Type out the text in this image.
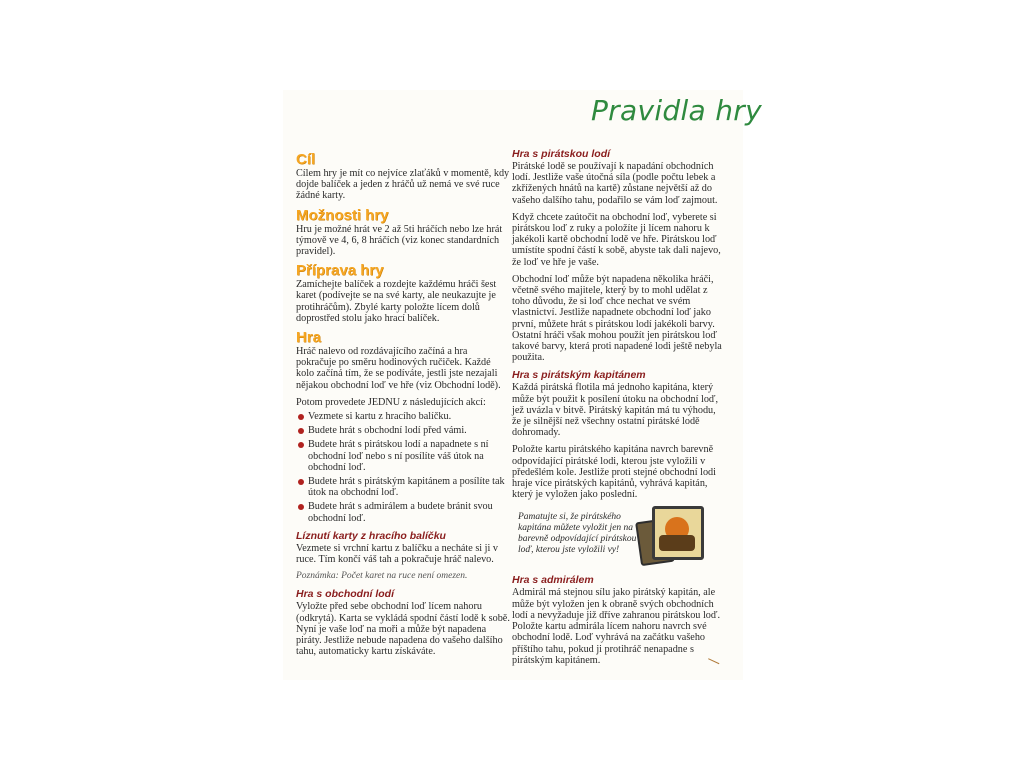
Pravidla hry
Cíl

Cílem hry je mít co nejvíce zlaťáků v momentě, kdy dojde balíček a jeden z hráčů už nemá ve své ruce žádné karty.

Možnosti hry

Hru je možné hrát ve 2 až 5ti hráčích nebo lze hrát týmově ve 4, 6, 8 hráčích (viz konec standardních pravidel).

Příprava hry

Zamíchejte balíček a rozdejte každému hráči šest karet (podívejte se na své karty, ale neukazujte je protihráčům). Zbylé karty položte lícem dolů doprostřed stolu jako hrací balíček.

Hra

Hráč nalevo od rozdávajícího začíná a hra pokračuje po směru hodinových ručiček. Každé kolo začíná tím, že se podíváte, jestli jste nezajali nějakou obchodní loď ve hře (viz Obchodní lodě).

Potom provedete JEDNU z následujících akcí:

Vezmete si kartu z hracího balíčku.
Budete hrát s obchodní lodí před vámi.
Budete hrát s pirátskou lodí a napadnete s ní obchodní loď nebo s ní posílíte váš útok na obchodní loď.
Budete hrát s pirátským kapitánem a posílíte tak útok na obchodní loď.
Budete hrát s admirálem a budete bránit svou obchodní loď.
Líznutí karty z hracího balíčku

Vezmete si vrchní kartu z balíčku a necháte si ji v ruce. Tím končí váš tah a pokračuje hráč nalevo.

Poznámka: Počet karet na ruce není omezen.

Hra s obchodní lodí

Vyložte před sebe obchodní loď lícem nahoru (odkrytá). Karta se vykládá spodní částí lodě k sobě. Nyní je vaše loď na moři a může být napadena piráty. Jestliže nebude napadena do vašeho dalšího tahu, automaticky kartu získáváte.

Hra s pirátskou lodí

Pirátské lodě se používají k napadání obchodních lodí. Jestliže vaše útočná síla (podle počtu lebek a zkřížených hnátů na kartě) zůstane největší až do vašeho dalšího tahu, podařilo se vám loď zajmout.

Když chcete zaútočit na obchodní loď, vyberete si pirátskou loď z ruky a položíte ji lícem nahoru k jakékoli kartě obchodní lodě ve hře. Pirátskou loď umístíte spodní částí k sobě, abyste tak dali najevo, že loď ve hře je vaše.

Obchodní loď může být napadena několika hráči, včetně svého majitele, který by to mohl udělat z toho důvodu, že si loď chce nechat ve svém vlastnictví. Jestliže napadnete obchodní loď jako první, můžete hrát s pirátskou lodí jakékoli barvy. Ostatní hráči však mohou použít jen pirátskou loď takové barvy, která proti napadené lodi ještě nebyla použita.

Hra s pirátským kapitánem

Každá pirátská flotila má jednoho kapitána, který může být použit k posílení útoku na obchodní loď, jež uvázla v bitvě. Pirátský kapitán má tu výhodu, že je silnější než všechny ostatní pirátské lodě dohromady.

Položte kartu pirátského kapitána navrch barevně odpovídající pirátské lodi, kterou jste vyložili v předešlém kole. Jestliže proti stejné obchodní lodi hraje více pirátských kapitánů, vyhrává kapitán, který je vyložen jako poslední.

Pamatujte si, že pirátského kapitána můžete vyložit jen na barevně odpovídající pirátskou loď, kterou jste vyložili vy!
Hra s admirálem

Admirál má stejnou sílu jako pirátský kapitán, ale může být vyložen jen k obraně svých obchodních lodí a nevyžaduje již dříve zahranou pirátskou loď. Položte kartu admirála lícem nahoru navrch své obchodní lodě. Loď vyhrává na začátku vašeho příštího tahu, pokud ji protihráč nenapadne s pirátským kapitánem.
